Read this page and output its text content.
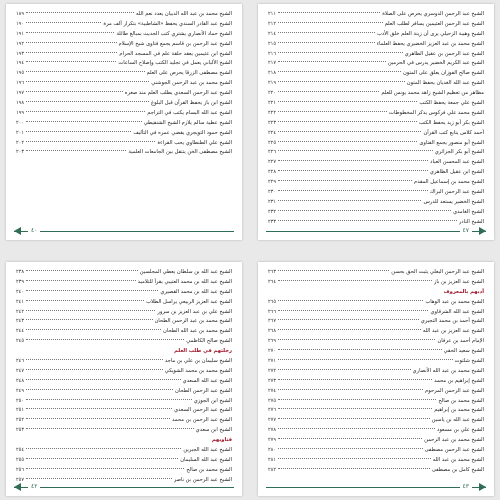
الشيخ محمد بن عبد الله الدبيان يعدد نعم الله
١٨٩
الشيخ عبد القادر السندي يحفظ «الشاطبية» بتكرار ألف مرة
١٩٠
الشيخ حماد الأنصاري يشتري كتب الحديث بمبالغ طائلة
١٩١
الشيخ عبد الرحمن بن قاسم يجمع فتاوى شيخ الإسلام
١٩٢
الشيخ ابن عثيمين يعقد حلقة علم في المسجد الحرام
١٩٣
الشيخ الألباني يعمل في تجليد الكتب وإصلاح الساعات
١٩٤
الشيخ مصطفى الزرقا يحرص على العلم
١٩٥
الشيخ محمد بن عبد الرحمن الجوشني
١٩٦
الشيخ عبد الرحمن السعدي يطلب العلم منذ صغره
١٩٧
الشيخ ابن باز يحفظ القرآن قبل البلوغ
١٩٨
الشيخ عبد الله البسام يكتب في التراجم
١٩٩
الشيخ عطية سالم يلازم الشيخ الشنقيطي
٢٠٠
الشيخ حمود التويجري يقضي عمره في التأليف
٢٠١
الشيخ علي الطنطاوي يحب القراءة
٢٠٢
الشيخ مصطفى الخن يتنقل بين الجامعات العلمية
٢٠٣
٤٠
الشيخ عبد الرحمن الدوسري يحرص على الصلاة
٢١١
الشيخ عبد الرحمن العثيمين يسافر لطلب العلم
٢١٢
الشيخ وهيبة الزحيلي يرى أن زينة العلم خلق الأدب
٢١٤
الشيخ محمد بن عبد العزيز الخضيري يحفظ العلماء
٢١٥
الشيخ عبد الرحمن بن عقيل الظاهري
٢١٦
الشيخ عبد الكريم الخضير يدرس في الحرمين
٢١٧
الشيخ صالح الفوزان يعلق على المتون
٢١٨
الشيخ عبد الله الغديان يحفظ المتون
٢١٩
مظاهر من تعظيم الشيخ زاهد محمد يونس للعلم
٢٢٠
الشيخ علي جمعة يحفظ الكتب
٢٢١
الشيخ محمد علي فركوس يذكر المخطوطات
٢٢٢
الشيخ بكر أبو زيد يحفظ الكتب
٢٢٣
أحمد كلاس يتابع كتب القرآن
٢٢٤
الشيخ أبو منصور يجمع الفتاوى
٢٢٥
الشيخ أبو بكر الجزائري
٢٢٦
الشيخ عبد المحسن العباد
٢٢٧
الشيخ ابن عقيل الظاهري
٢٢٨
الشيخ محمد بن إسماعيل المقدم
٢٢٩
الشيخ عبد الرحمن البراك
٢٣٠
الشيخ الخضير يستعد للدرس
٢٣١
الشيخ الغامدي
٢٣٢
الشيخ النادر
٢٣٣
٤٧
الشيخ عبد الله بن سلطان يعطي المجلسين
٢٣٨
الشيخ عبد الله بن محمد العتيبي يقرأ للتلاميذ
٢٣٩
الشيخ عبد الله بن محمد القصيري
٢٤٠
الشيخ عبد العزيز الربيعي يراسل الطلاب
٢٤١
الشيخ علي بن عبد العزيز بن سرور
٢٤٢
الشيخ محمد بن عبد الرحمن الطحان
٢٤٣
الشيخ محمد بن عبد الله الطحان
٢٤٤
الشيخ صالح الكاظمي
٢٤٥
رحلتهم في طلب العلم
الشيخ سليمان بن علي بن ماجد
٢٤٦
الشيخ محمد بن محمد الشويكي
٢٤٧
الشيخ عبد الله السعدي
٢٤٨
الشيخ عبد الرحمن الطحان
٢٤٩
الشيخ ابن الجوزي
٢٥٠
الشيخ عبد الرحمن السعدي
٢٥١
الشيخ عبد الرحمن بن محمد
٢٥٢
الشيخ ابن سعدي
٢٥٣
فتاويهم
الشيخ عبد الله الجبرين
٢٥٤
الشيخ عبد الله السليمان
٢٥٥
الشيخ محمد بن صالح
٢٥٦
الشيخ عبد الرحمن بن ناصر
٢٥٧
٤٢
الشيخ عبد الرحمن البعلي يثبت الحق بحسن
٢٦٣
الشيخ عبد العزيز بن باز
٢٦٤
أدبهم بالمعروف
الشيخ محمد بن عبد الوهاب
٢٦٥
الشيخ عبد الله الشرقاوي
٢٦٦
الشيخ أحمد بن محمد التجيري
٢٦٧
الشيخ عبد العزيز بن عبد الله
٢٦٨
الإمام أحمد بن عرفان
٢٦٩
الشيخ سعيد الحقي
٢٧٠
الشيخ شلتوت
٢٧١
الشيخ محمد بن عبد الله الأنصاري
٢٧٢
الشيخ إبراهيم بن محمد
٢٧٣
الشيخ عبد الرحمن المرحوم
٢٧٤
الشيخ محمد بن صالح
٢٧٥
الشيخ محمد بن إبراهيم
٢٧٦
الشيخ عبد الله بن ياسين
٢٧٧
الشيخ علي بن مسعود
٢٧٨
الشيخ محمد بن عبد الرحمن
٢٧٩
الشيخ عبد الرحمن مصطفى
٢٨٠
الشيخ محمد بن عبد الله
٢٨١
الشيخ كامل بن مصطفى
٢٨٢
٤٣
